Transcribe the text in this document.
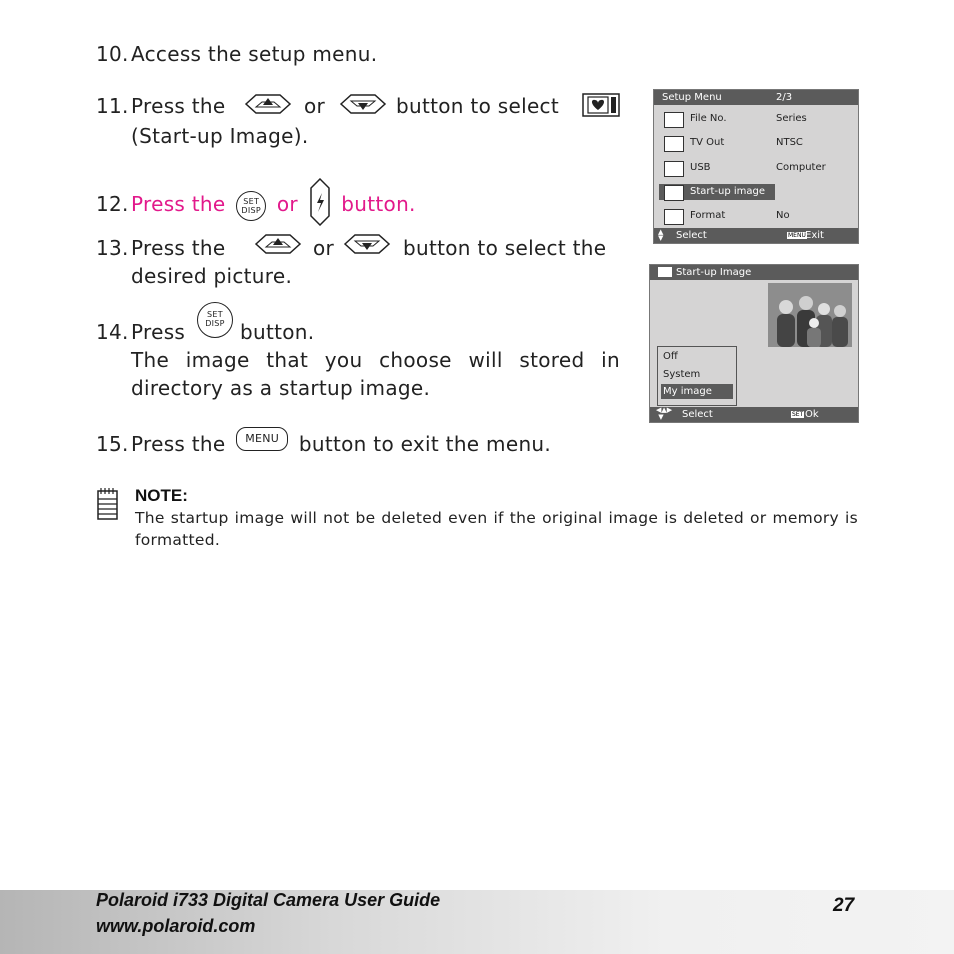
10. Access the setup menu.
11. Press the	or	button to select
(Start-up Image).
12. Press the	SET
DISP or button.
13. Press the	or	button to select the
desired picture.
14. Press
SET
DISP button.
The image that you choose will stored in
directory as a startup image.
15. Press the MENU button to exit the menu.
Setup Menu	2/3
File No.	Series
TV Out	NTSC
USB	Computer
Start-up image
Format	No
▲
▼ Select	MENU Exit
Start-up Image
Off
System
My image
◀▲▶
▼	Select	SET Ok
NOTE:
The startup image will not be deleted even if the original image is deleted or memory is formatted.
Polaroid i733 Digital Camera User Guide
www.polaroid.com
27
